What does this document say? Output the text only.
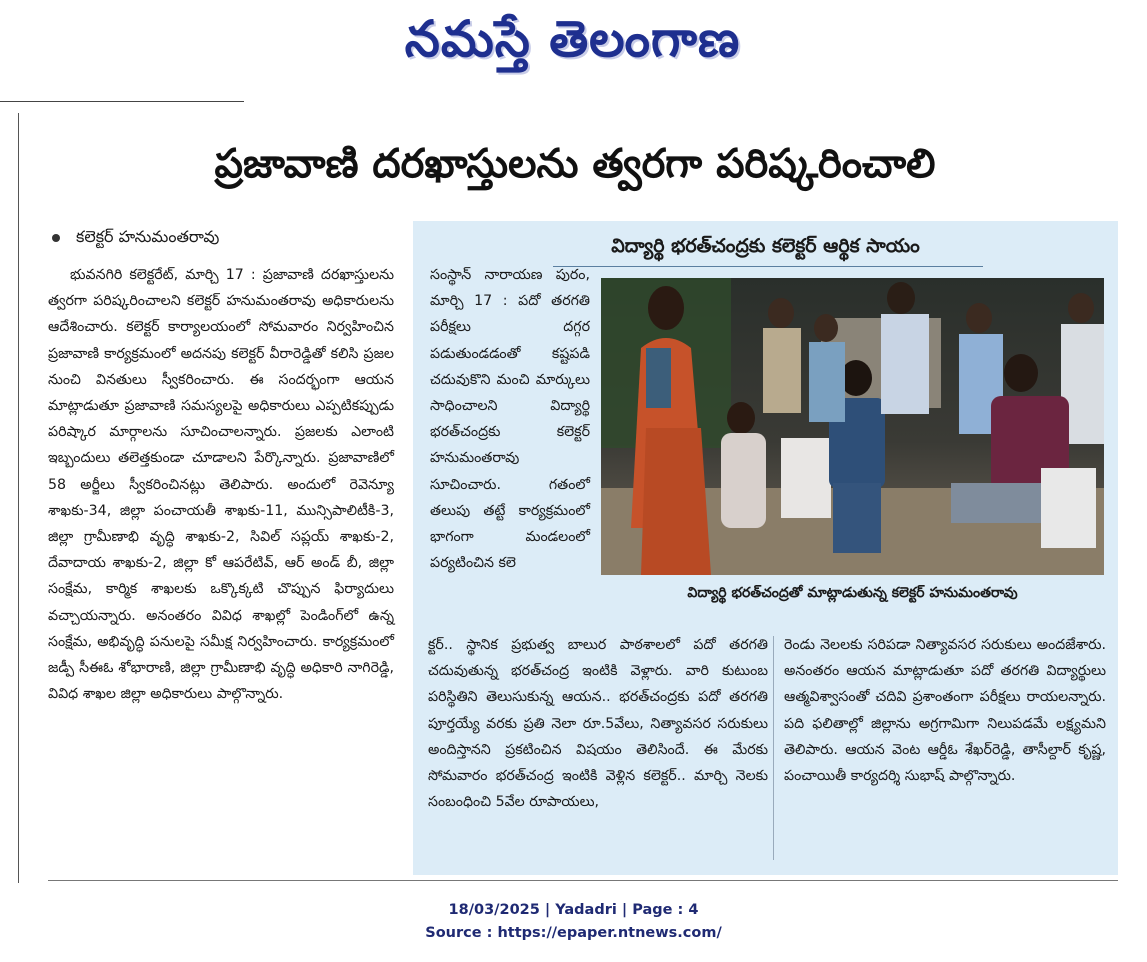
నమస్తే తెలంగాణ
ప్రజావాణి దరఖాస్తులను త్వరగా పరిష్కరించాలి
కలెక్టర్ హనుమంతరావు

భువనగిరి కలెక్టరేట్, మార్చి 17 : ప్రజావాణి దరఖాస్తులను త్వరగా పరిష్కరించాలని కలెక్టర్ హనుమంతరావు అధికారులను ఆదేశించారు. కలెక్టర్ కార్యాలయంలో సోమవారం నిర్వహించిన ప్రజావాణి కార్యక్రమంలో అదనపు కలెక్టర్ వీరారెడ్డితో కలిసి ప్రజల నుంచి వినతులు స్వీకరించారు. ఈ సందర్భంగా ఆయన మాట్లాడుతూ ప్రజావాణి సమస్యలపై అధికారులు ఎప్పటికప్పుడు పరిష్కార మార్గాలను సూచించాలన్నారు. ప్రజలకు ఎలాంటి ఇబ్బందులు తలెత్తకుండా చూడాలని పేర్కొన్నారు. ప్రజావాణిలో 58 అర్జీలు స్వీకరించినట్లు తెలిపారు. అందులో రెవెన్యూ శాఖకు-34, జిల్లా పంచాయతీ శాఖకు-11, మున్సిపాలిటీకి-3, జిల్లా గ్రామీణాభి వృద్ధి శాఖకు-2, సివిల్ సప్లయ్ శాఖకు-2, దేవాదాయ శాఖకు-2, జిల్లా కో ఆపరేటివ్, ఆర్ అండ్ బీ, జిల్లా సంక్షేమ, కార్మిక శాఖలకు ఒక్కొక్కటి చొప్పున ఫిర్యాదులు వచ్చాయన్నారు. అనంతరం వివిధ శాఖల్లో పెండింగ్‌లో ఉన్న సంక్షేమ, అభివృద్ధి పనులపై సమీక్ష నిర్వహించారు. కార్యక్రమంలో జడ్పీ సీఈఓ శోభారాణి, జిల్లా గ్రామీణాభి వృద్ధి అధికారి నాగిరెడ్డి, వివిధ శాఖల జిల్లా అధికారులు పాల్గొన్నారు.

విద్యార్థి భరత్‌చంద్రకు కలెక్టర్ ఆర్థిక సాయం
సంస్థాన్ నారాయణ పురం, మార్చి 17 : పదో తరగతి పరీక్షలు దగ్గర పడుతుండడంతో కష్టపడి చదువుకొని మంచి మార్కులు సాధించాలని విద్యార్థి భరత్‌చంద్రకు కలెక్టర్ హనుమంతరావు సూచించారు. గతంలో తలుపు తట్టే కార్యక్రమంలో భాగంగా మండలంలో పర్యటించిన కలె
విద్యార్థి భరత్‌చంద్రతో మాట్లాడుతున్న కలెక్టర్ హనుమంతరావు
క్టర్.. స్థానిక ప్రభుత్వ బాలుర పాఠశాలలో పదో తరగతి చదువుతున్న భరత్‌చంద్ర ఇంటికి వెళ్లారు. వారి కుటుంబ పరిస్థితిని తెలుసుకున్న ఆయన.. భరత్‌చంద్రకు పదో తరగతి పూర్తయ్యే వరకు ప్రతి నెలా రూ.5వేలు, నిత్యావసర సరుకులు అందిస్తానని ప్రకటించిన విషయం తెలిసిందే. ఈ మేరకు సోమవారం భరత్‌చంద్ర ఇంటికి వెళ్లిన కలెక్టర్.. మార్చి నెలకు సంబంధించి 5వేల రూపాయలు,
రెండు నెలలకు సరిపడా నిత్యావసర సరుకులు అందజేశారు. అనంతరం ఆయన మాట్లాడుతూ పదో తరగతి విద్యార్థులు ఆత్మవిశ్వాసంతో చదివి ప్రశాంతంగా పరీక్షలు రాయలన్నారు. పది ఫలితాల్లో జిల్లాను అగ్రగామిగా నిలుపడమే లక్ష్యమని తెలిపారు. ఆయన వెంట ఆర్డీఓ శేఖర్‌రెడ్డి, తాసీల్దార్ కృష్ణ, పంచాయితీ కార్యదర్శి సుభాష్ పాల్గొన్నారు.
18/03/2025 | Yadadri | Page : 4
Source : https://epaper.ntnews.com/
